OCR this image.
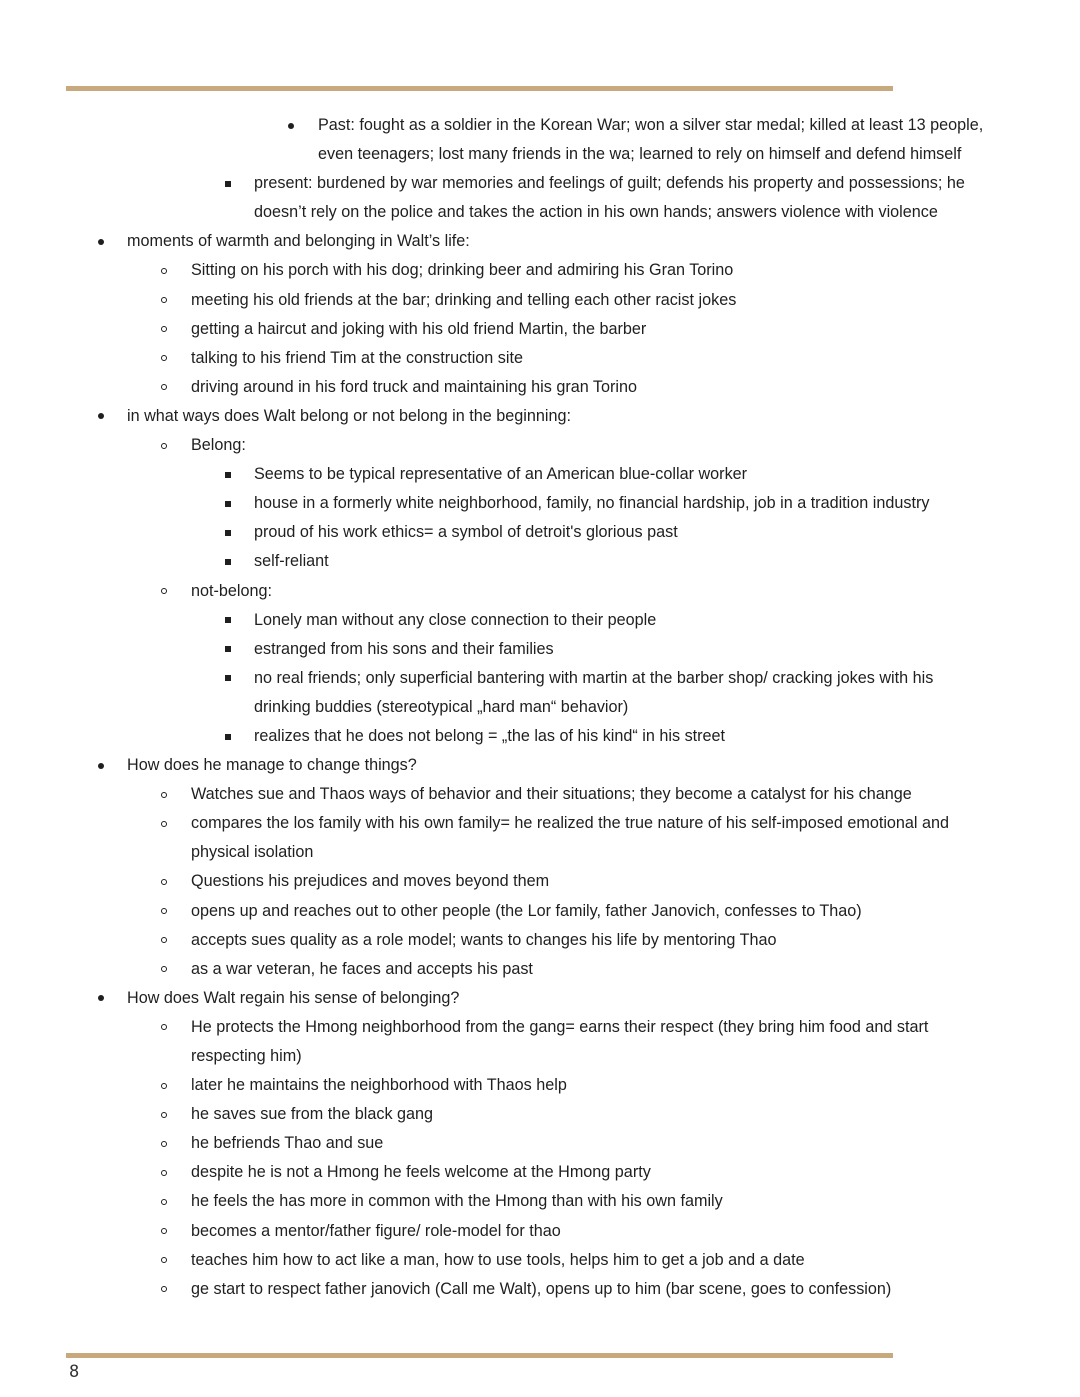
Past: fought as a soldier in the Korean War; won a silver star medal; killed at least 13 people,
even teenagers; lost many friends in the wa; learned to rely on himself and defend himself
present: burdened by war memories and feelings of guilt; defends his property and possessions; he
doesn’t rely on the police and takes the action in his own hands; answers violence with violence
moments of warmth and belonging in Walt’s life:
Sitting on his porch with his dog; drinking beer and admiring his Gran Torino
meeting his old friends at the bar; drinking and telling each other racist jokes
getting a haircut and joking with his old friend Martin, the barber
talking to his friend Tim at the construction site
driving around in his ford truck and maintaining his gran Torino
in what ways does Walt belong or not belong in the beginning:
Belong:
Seems to be typical representative of an American blue-collar worker
house in a formerly white neighborhood, family, no financial hardship, job in a tradition industry
proud of his work ethics= a symbol of detroit's glorious past
self-reliant
not-belong:
Lonely man without any close connection to their people
estranged from his sons and their families
no real friends; only superficial bantering with martin at the barber shop/ cracking jokes with his
drinking buddies (stereotypical „hard man“ behavior)
realizes that he does not belong = „the las of his kind“ in his street
How does he manage to change things?
Watches sue and Thaos ways of behavior and their situations; they become a catalyst for his change
compares the los family with his own family= he realized the true nature of his self-imposed emotional and
physical isolation
Questions his prejudices and moves beyond them
opens up and reaches out to other people (the Lor family, father Janovich, confesses to Thao)
accepts sues quality as a role model; wants to changes his life by mentoring Thao
as a war veteran, he faces and accepts his past
How does Walt regain his sense of belonging?
He protects the Hmong neighborhood from the gang= earns their respect (they bring him food and start
respecting him)
later he maintains the neighborhood with Thaos help
he saves sue from the black gang
he befriends Thao and sue
despite he is not a Hmong he feels welcome at the Hmong party
he feels the has more in common with the Hmong than with his own family
becomes a mentor/father figure/ role-model for thao
teaches him how to act like a man, how to use tools, helps him to get a job and a date
ge start to respect father janovich (Call me Walt), opens up to him (bar scene, goes to confession)
8
